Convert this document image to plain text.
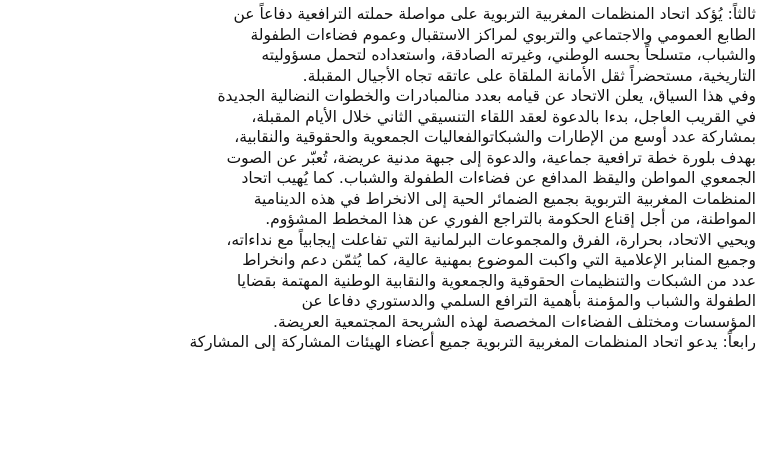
ثالثاً: يُؤكد اتحاد المنظمات المغربية التربوية على مواصلة حملته الترافعية دفاعاً عن

الطابع العمومي والاجتماعي والتربوي لمراكز الاستقبال وعموم فضاءات الطفولة

والشباب، متسلحاً بحسه الوطني، وغيرته الصادقة، واستعداده لتحمل مسؤوليته

التاريخية، مستحضراً ثقل الأمانة الملقاة على عاتقه تجاه الأجيال المقبلة.

وفي هذا السياق، يعلن الاتحاد عن قيامه بعدد منالمبادرات والخطوات النضالية الجديدة

في القريب العاجل، بدءا بالدعوة لعقد اللقاء التنسيقي الثاني خلال الأيام المقبلة،

بمشاركة عدد أوسع من الإطارات والشبكاتوالفعاليات الجمعوية والحقوقية والنقابية،

بهدف بلورة خطة ترافعية جماعية، والدعوة إلى جبهة مدنية عريضة، تُعبّر عن الصوت

الجمعوي المواطن واليقظ المدافع عن فضاءات الطفولة والشباب. كما يُهيب اتحاد

المنظمات المغربية التربوية بجميع الضمائر الحية إلى الانخراط في هذه الدينامية

المواطنة، من أجل إقناع الحكومة بالتراجع الفوري عن هذا المخطط المشؤوم.

ويحيي الاتحاد، بحرارة، الفرق والمجموعات البرلمانية التي تفاعلت إيجابياً مع نداءاته،

وجميع المنابر الإعلامية التي واكبت الموضوع بمهنية عالية، كما يُثمّن دعم وانخراط

عدد من الشبكات والتنظيمات الحقوقية والجمعوية والنقابية الوطنية المهتمة بقضايا

الطفولة والشباب والمؤمنة بأهمية الترافع السلمي والدستوري دفاعا عن

المؤسسات ومختلف الفضاءات المخصصة لهذه الشريحة المجتمعية العريضة.

رابعاً: يدعو اتحاد المنظمات المغربية التربوية جميع أعضاء الهيئات المشاركة إلى المشاركة
